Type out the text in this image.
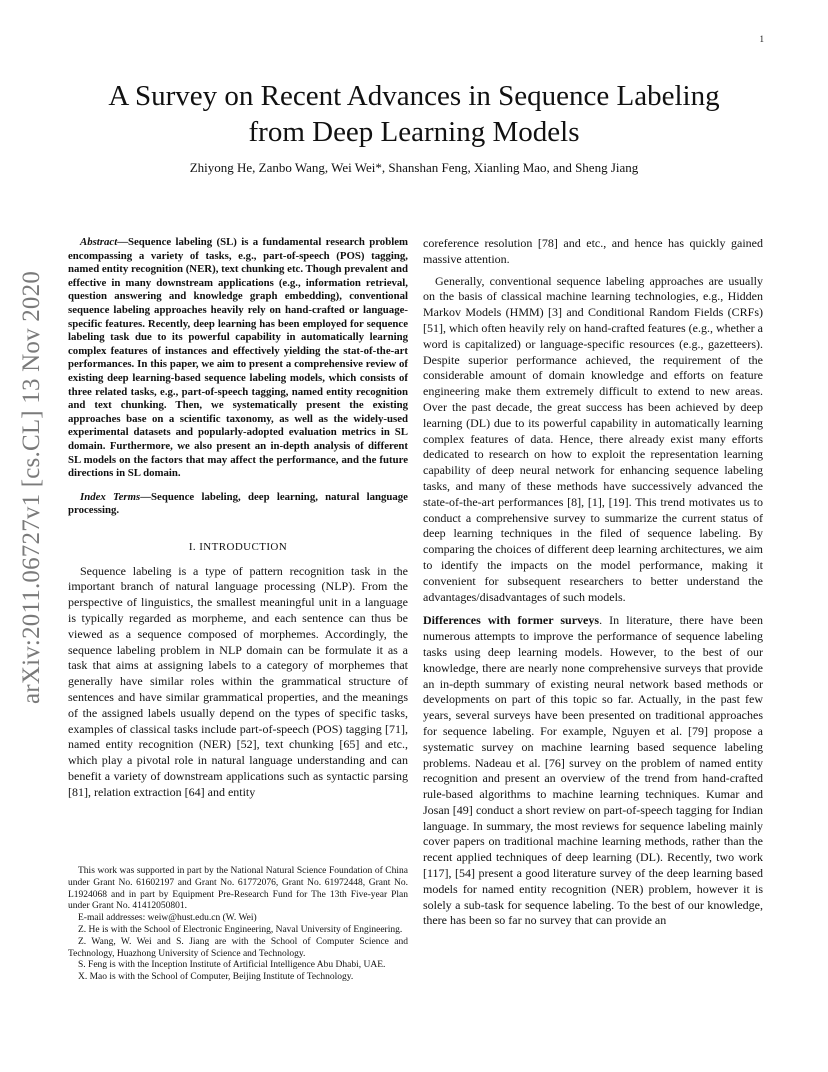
1
arXiv:2011.06727v1 [cs.CL] 13 Nov 2020
A Survey on Recent Advances in Sequence Labeling from Deep Learning Models
Zhiyong He, Zanbo Wang, Wei Wei*, Shanshan Feng, Xianling Mao, and Sheng Jiang

Abstract—Sequence labeling (SL) is a fundamental research problem encompassing a variety of tasks, e.g., part-of-speech (POS) tagging, named entity recognition (NER), text chunking etc. Though prevalent and effective in many downstream applications (e.g., information retrieval, question answering and knowledge graph embedding), conventional sequence labeling approaches heavily rely on hand-crafted or language-specific features. Recently, deep learning has been employed for sequence labeling task due to its powerful capability in automatically learning complex features of instances and effectively yielding the stat-of-the-art performances. In this paper, we aim to present a comprehensive review of existing deep learning-based sequence labeling models, which consists of three related tasks, e.g., part-of-speech tagging, named entity recognition and text chunking. Then, we systematically present the existing approaches base on a scientific taxonomy, as well as the widely-used experimental datasets and popularly-adopted evaluation metrics in SL domain. Furthermore, we also present an in-depth analysis of different SL models on the factors that may affect the performance, and the future directions in SL domain.

Index Terms—Sequence labeling, deep learning, natural language processing.

I. INTRODUCTION

Sequence labeling is a type of pattern recognition task in the important branch of natural language processing (NLP). From the perspective of linguistics, the smallest meaningful unit in a language is typically regarded as morpheme, and each sentence can thus be viewed as a sequence composed of morphemes. Accordingly, the sequence labeling problem in NLP domain can be formulate it as a task that aims at assigning labels to a category of morphemes that generally have similar roles within the grammatical structure of sentences and have similar grammatical properties, and the meanings of the assigned labels usually depend on the types of specific tasks, examples of classical tasks include part-of-speech (POS) tagging [71], named entity recognition (NER) [52], text chunking [65] and etc., which play a pivotal role in natural language understanding and can benefit a variety of downstream applications such as syntactic parsing [81], relation extraction [64] and entity

This work was supported in part by the National Natural Science Foundation of China under Grant No. 61602197 and Grant No. 61772076, Grant No. 61972448, Grant No. L1924068 and in part by Equipment Pre-Research Fund for The 13th Five-year Plan under Grant No. 41412050801.

E-mail addresses: weiw@hust.edu.cn (W. Wei)

Z. He is with the School of Electronic Engineering, Naval University of Engineering.

Z. Wang, W. Wei and S. Jiang are with the School of Computer Science and Technology, Huazhong University of Science and Technology.

S. Feng is with the Inception Institute of Artificial Intelligence Abu Dhabi, UAE.

X. Mao is with the School of Computer, Beijing Institute of Technology.

coreference resolution [78] and etc., and hence has quickly gained massive attention.

Generally, conventional sequence labeling approaches are usually on the basis of classical machine learning technologies, e.g., Hidden Markov Models (HMM) [3] and Conditional Random Fields (CRFs) [51], which often heavily rely on hand-crafted features (e.g., whether a word is capitalized) or language-specific resources (e.g., gazetteers). Despite superior performance achieved, the requirement of the considerable amount of domain knowledge and efforts on feature engineering make them extremely difficult to extend to new areas. Over the past decade, the great success has been achieved by deep learning (DL) due to its powerful capability in automatically learning complex features of data. Hence, there already exist many efforts dedicated to research on how to exploit the representation learning capability of deep neural network for enhancing sequence labeling tasks, and many of these methods have successively advanced the state-of-the-art performances [8], [1], [19]. This trend motivates us to conduct a comprehensive survey to summarize the current status of deep learning techniques in the filed of sequence labeling. By comparing the choices of different deep learning architectures, we aim to identify the impacts on the model performance, making it convenient for subsequent researchers to better understand the advantages/disadvantages of such models.

Differences with former surveys. In literature, there have been numerous attempts to improve the performance of sequence labeling tasks using deep learning models. However, to the best of our knowledge, there are nearly none comprehensive surveys that provide an in-depth summary of existing neural network based methods or developments on part of this topic so far. Actually, in the past few years, several surveys have been presented on traditional approaches for sequence labeling. For example, Nguyen et al. [79] propose a systematic survey on machine learning based sequence labeling problems. Nadeau et al. [76] survey on the problem of named entity recognition and present an overview of the trend from hand-crafted rule-based algorithms to machine learning techniques. Kumar and Josan [49] conduct a short review on part-of-speech tagging for Indian language. In summary, the most reviews for sequence labeling mainly cover papers on traditional machine learning methods, rather than the recent applied techniques of deep learning (DL). Recently, two work [117], [54] present a good literature survey of the deep learning based models for named entity recognition (NER) problem, however it is solely a sub-task for sequence labeling. To the best of our knowledge, there has been so far no survey that can provide an
